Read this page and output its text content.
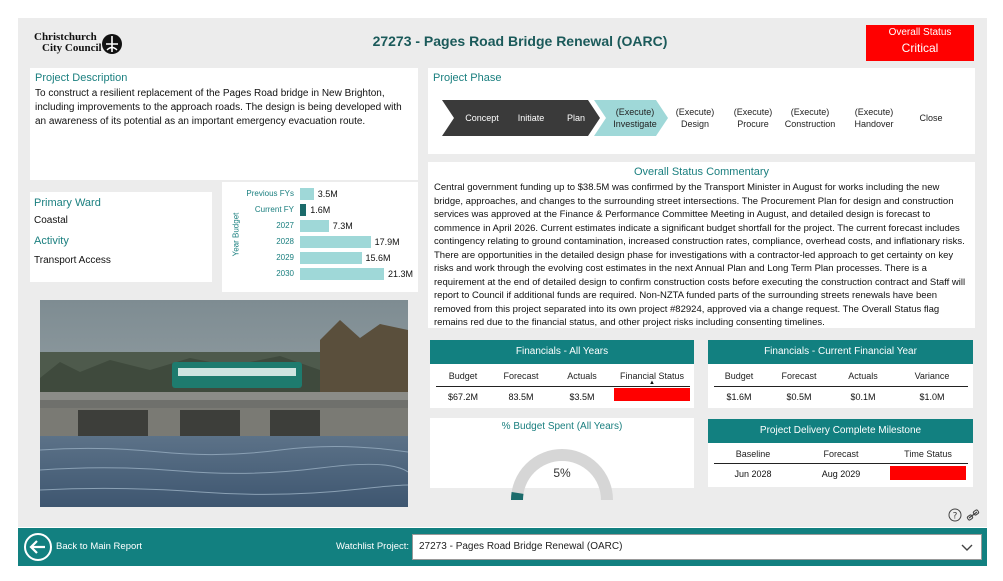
Christchurch
City Council	27273 - Pages Road Bridge Renewal (OARC)
Overall Status
Critical
Project Description
To construct a resilient replacement of the Pages Road bridge in New Brighton, including improvements to the approach roads. The design is being developed with an awareness of its potential as an important emergency evacuation route.
Primary Ward
Coastal
Activity
Transport Access
Year Budget
Previous FYs	3.5M
Current FY 1.6M
2027	7.3M
2028	17.9M
2029	15.6M
2030	21.3M
Project Phase
Concept Initiate	Plan
(Execute)
Investigate
(Execute)
Design
(Execute)
Procure
(Execute)
Construction
(Execute)
Handover
Close
Overall Status Commentary
Central government funding up to $38.5M was confirmed by the Transport Minister in August for works including the new bridge, approaches, and changes to the surrounding street intersections. The Procurement Plan for design and construction services was approved at the Finance & Performance Committee Meeting in August, and detailed design is forecast to commence in April 2026. Current estimates indicate a significant budget shortfall for the project. The current forecast includes contingency relating to ground contamination, increased construction rates, compliance, overhead costs, and inflationary risks. There are opportunities in the detailed design phase for investigations with a contractor-led approach to get certainty on key risks and work through the evolving cost estimates in the next Annual Plan and Long Term Plan processes. There is a requirement at the end of detailed design to confirm construction costs before executing the construction contract and Staff will report to Council if additional funds are required. Non-NZTA funded parts of the surrounding streets renewals have been removed from this project separated into its own project #82924, approved via a change request. The Overall Status flag remains red due to the financial status, and other project risks including consenting timelines.
Financials - All Years
Budget	Forecast	Actuals	Financial Status
▲
$67.2M	83.5M	$3.5M
Financials - Current Financial Year
Budget	Forecast	Actuals	Variance
$1.6M	$0.5M	$0.1M	$1.0M
% Budget Spent (All Years)
5%
Project Delivery Complete Milestone
Baseline	Forecast	Time Status
Jun 2028	Aug 2029
?
Back to Main Report	Watchlist Project: 27273 - Pages Road Bridge Renewal (OARC)
